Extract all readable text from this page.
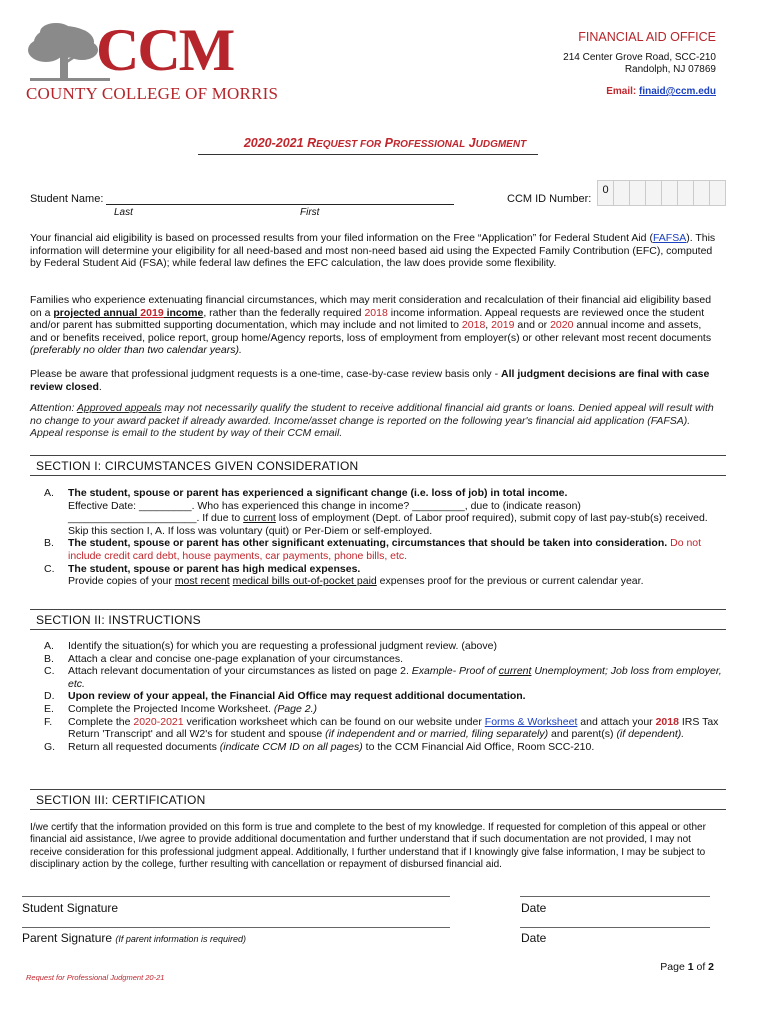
CCM
COUNTY COLLEGE OF MORRIS
FINANCIAL AID OFFICE
214 Center Grove Road, SCC-210
Randolph, NJ 07869
Email: finaid@ccm.edu
2020-2021 REQUEST FOR PROFESSIONAL JUDGMENT
Student Name:
Last	First
CCM ID Number:
0

Your financial aid eligibility is based on processed results from your filed information on the Free “Application” for Federal Student Aid (FAFSA). This information will determine your eligibility for all need-based and most non-need based aid using the Expected Family Contribution (EFC), computed by Federal Student Aid (FSA); while federal law defines the EFC calculation, the law does provide some flexibility.

Families who experience extenuating financial circumstances, which may merit consideration and recalculation of their financial aid eligibility based on a projected annual 2019 income, rather than the federally required 2018 income information. Appeal requests are reviewed once the student and/or parent has submitted supporting documentation, which may include and not limited to 2018, 2019 and or 2020 annual income and assets, and or benefits received, police report, group home/Agency reports, loss of employment from employer(s) or other relevant most recent documents (preferably no older than two calendar years).

Please be aware that professional judgment requests is a one-time, case-by-case review basis only - All judgment decisions are final with case review closed.

Attention: Approved appeals may not necessarily qualify the student to receive additional financial aid grants or loans. Denied appeal will result with no change to your award packet if already awarded. Income/asset change is reported on the following year's financial aid application (FAFSA). Appeal response is email to the student by way of their CCM email.

SECTION I: CIRCUMSTANCES GIVEN CONSIDERATION
A. The student, spouse or parent has experienced a significant change (i.e. loss of job) in total income.
Effective Date: _________. Who has experienced this change in income? _________, due to (indicate reason)
______________________. If due to current loss of employment (Dept. of Labor proof required), submit copy of last pay-stub(s) received. Skip this section I, A. If loss was voluntary (quit) or Per-Diem or self-employed.
B. The student, spouse or parent has other significant extenuating, circumstances that should be taken into consideration. Do not include credit card debt, house payments, car payments, phone bills, etc.
C. The student, spouse or parent has high medical expenses.
Provide copies of your most recent medical bills out-of-pocket paid expenses proof for the previous or current calendar year.
SECTION II: INSTRUCTIONS
A. Identify the situation(s) for which you are requesting a professional judgment review. (above)
B. Attach a clear and concise one-page explanation of your circumstances.
C. Attach relevant documentation of your circumstances as listed on page 2. Example- Proof of current Unemployment; Job loss from employer, etc.
D. Upon review of your appeal, the Financial Aid Office may request additional documentation.
E. Complete the Projected Income Worksheet. (Page 2.)
F. Complete the 2020-2021 verification worksheet which can be found on our website under Forms & Worksheet and attach your 2018 IRS Tax Return 'Transcript' and all W2's for student and spouse (if independent and or married, filing separately) and parent(s) (if dependent).
G. Return all requested documents (indicate CCM ID on all pages) to the CCM Financial Aid Office, Room SCC-210.
SECTION III: CERTIFICATION

I/we certify that the information provided on this form is true and complete to the best of my knowledge. If requested for completion of this appeal or other financial aid assistance, I/we agree to provide additional documentation and further understand that if such documentation are not provided, I may not receive consideration for this professional judgment appeal. Additionally, I further understand that if I knowingly give false information, I may be subject to disciplinary action by the college, further resulting with cancellation or repayment of disbursed financial aid.

Student Signature	Date
Parent Signature (If parent information is required)	Date
Page 1 of 2
Request for Professional Judgment 20-21
